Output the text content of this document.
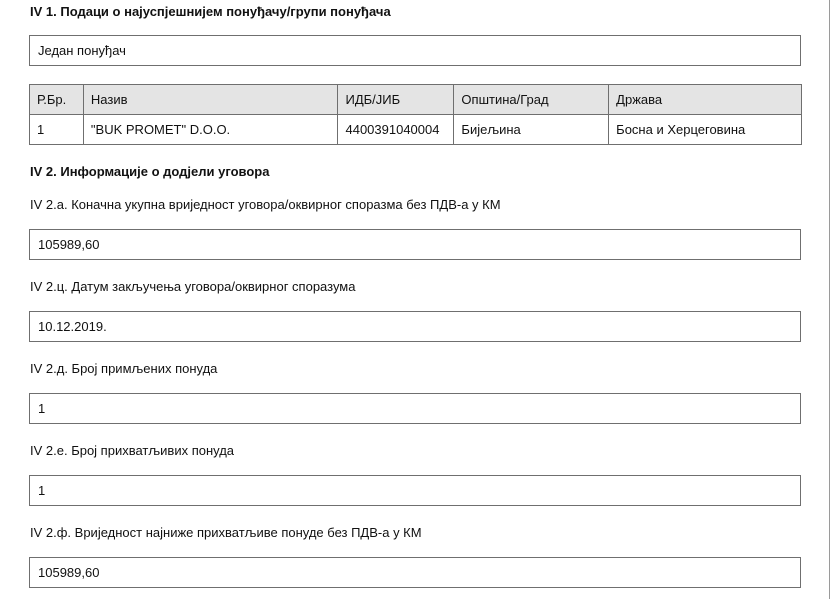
IV 1. Подаци о најуспјешнијем понуђачу/групи понуђача
Један понуђач
Р.Бр.	Назив	ИДБ/ЈИБ	Општина/Град	Држава
1	"BUK PROMET" D.O.O.	4400391040004	Бијељина	Босна и Херцеговина
IV 2. Информације о додјели уговора
IV 2.а. Коначна укупна вриједност уговора/оквирног споразма без ПДВ-а у КМ
105989,60
IV 2.ц. Датум закључења уговора/оквирног споразума
10.12.2019.
IV 2.д. Број примљених понуда
1
IV 2.е. Број прихватљивих понуда
1
IV 2.ф. Вриједност најниже прихватљиве понуде без ПДВ-а у КМ
105989,60
